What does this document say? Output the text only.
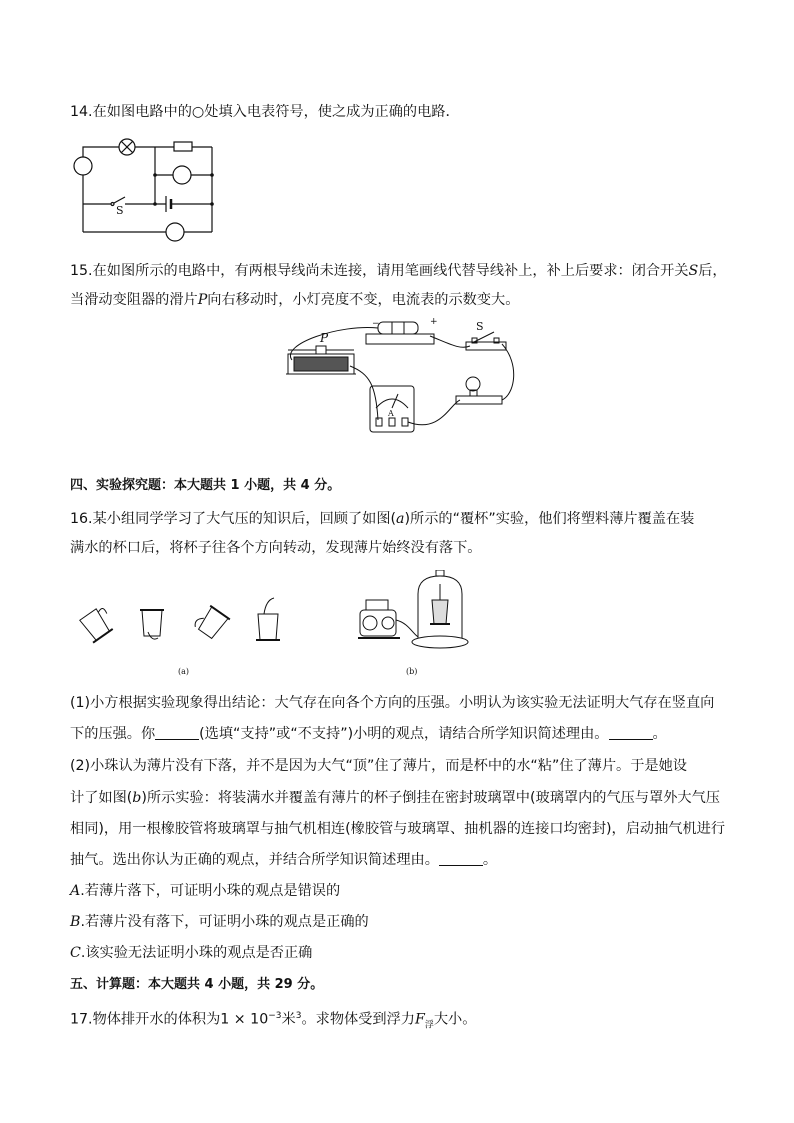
14.在如图电路中的○处填入电表符号，使之成为正确的电路．
S
15.在如图所示的电路中，有两根导线尚未连接，请用笔画线代替导线补上，补上后要求：闭合开关S后，
当滑动变阻器的滑片P向右移动时，小灯亮度不变，电流表的示数变大。
P
S
−	+
A
四、实验探究题：本大题共 1 小题，共 4 分。
16.某小组同学学习了大气压的知识后，回顾了如图(a)所示的“覆杯”实验，他们将塑料薄片覆盖在装
满水的杯口后，将杯子往各个方向转动，发现薄片始终没有落下。
(a)	(b)
(1)小方根据实验现象得出结论：大气存在向各个方向的压强。小明认为该实验无法证明大气存在竖直向
下的压强。你	(选填“支持”或“不支持”)小明的观点，请结合所学知识简述理由。	。
(2)小珠认为薄片没有下落，并不是因为大气“顶”住了薄片，而是杯中的水“粘”住了薄片。于是她设
计了如图(b)所示实验：将装满水并覆盖有薄片的杯子倒挂在密封玻璃罩中(玻璃罩内的气压与罩外大气压
相同)，用一根橡胶管将玻璃罩与抽气机相连(橡胶管与玻璃罩、抽机器的连接口均密封)，启动抽气机进行
抽气。选出你认为正确的观点，并结合所学知识简述理由。	。
A.若薄片落下，可证明小珠的观点是错误的
B.若薄片没有落下，可证明小珠的观点是正确的
C.该实验无法证明小珠的观点是否正确
五、计算题：本大题共 4 小题，共 29 分。
17.物体排开水的体积为$1 \times 10^{-3}$米$^3$。求物体受到浮力$F_浮$大小。
